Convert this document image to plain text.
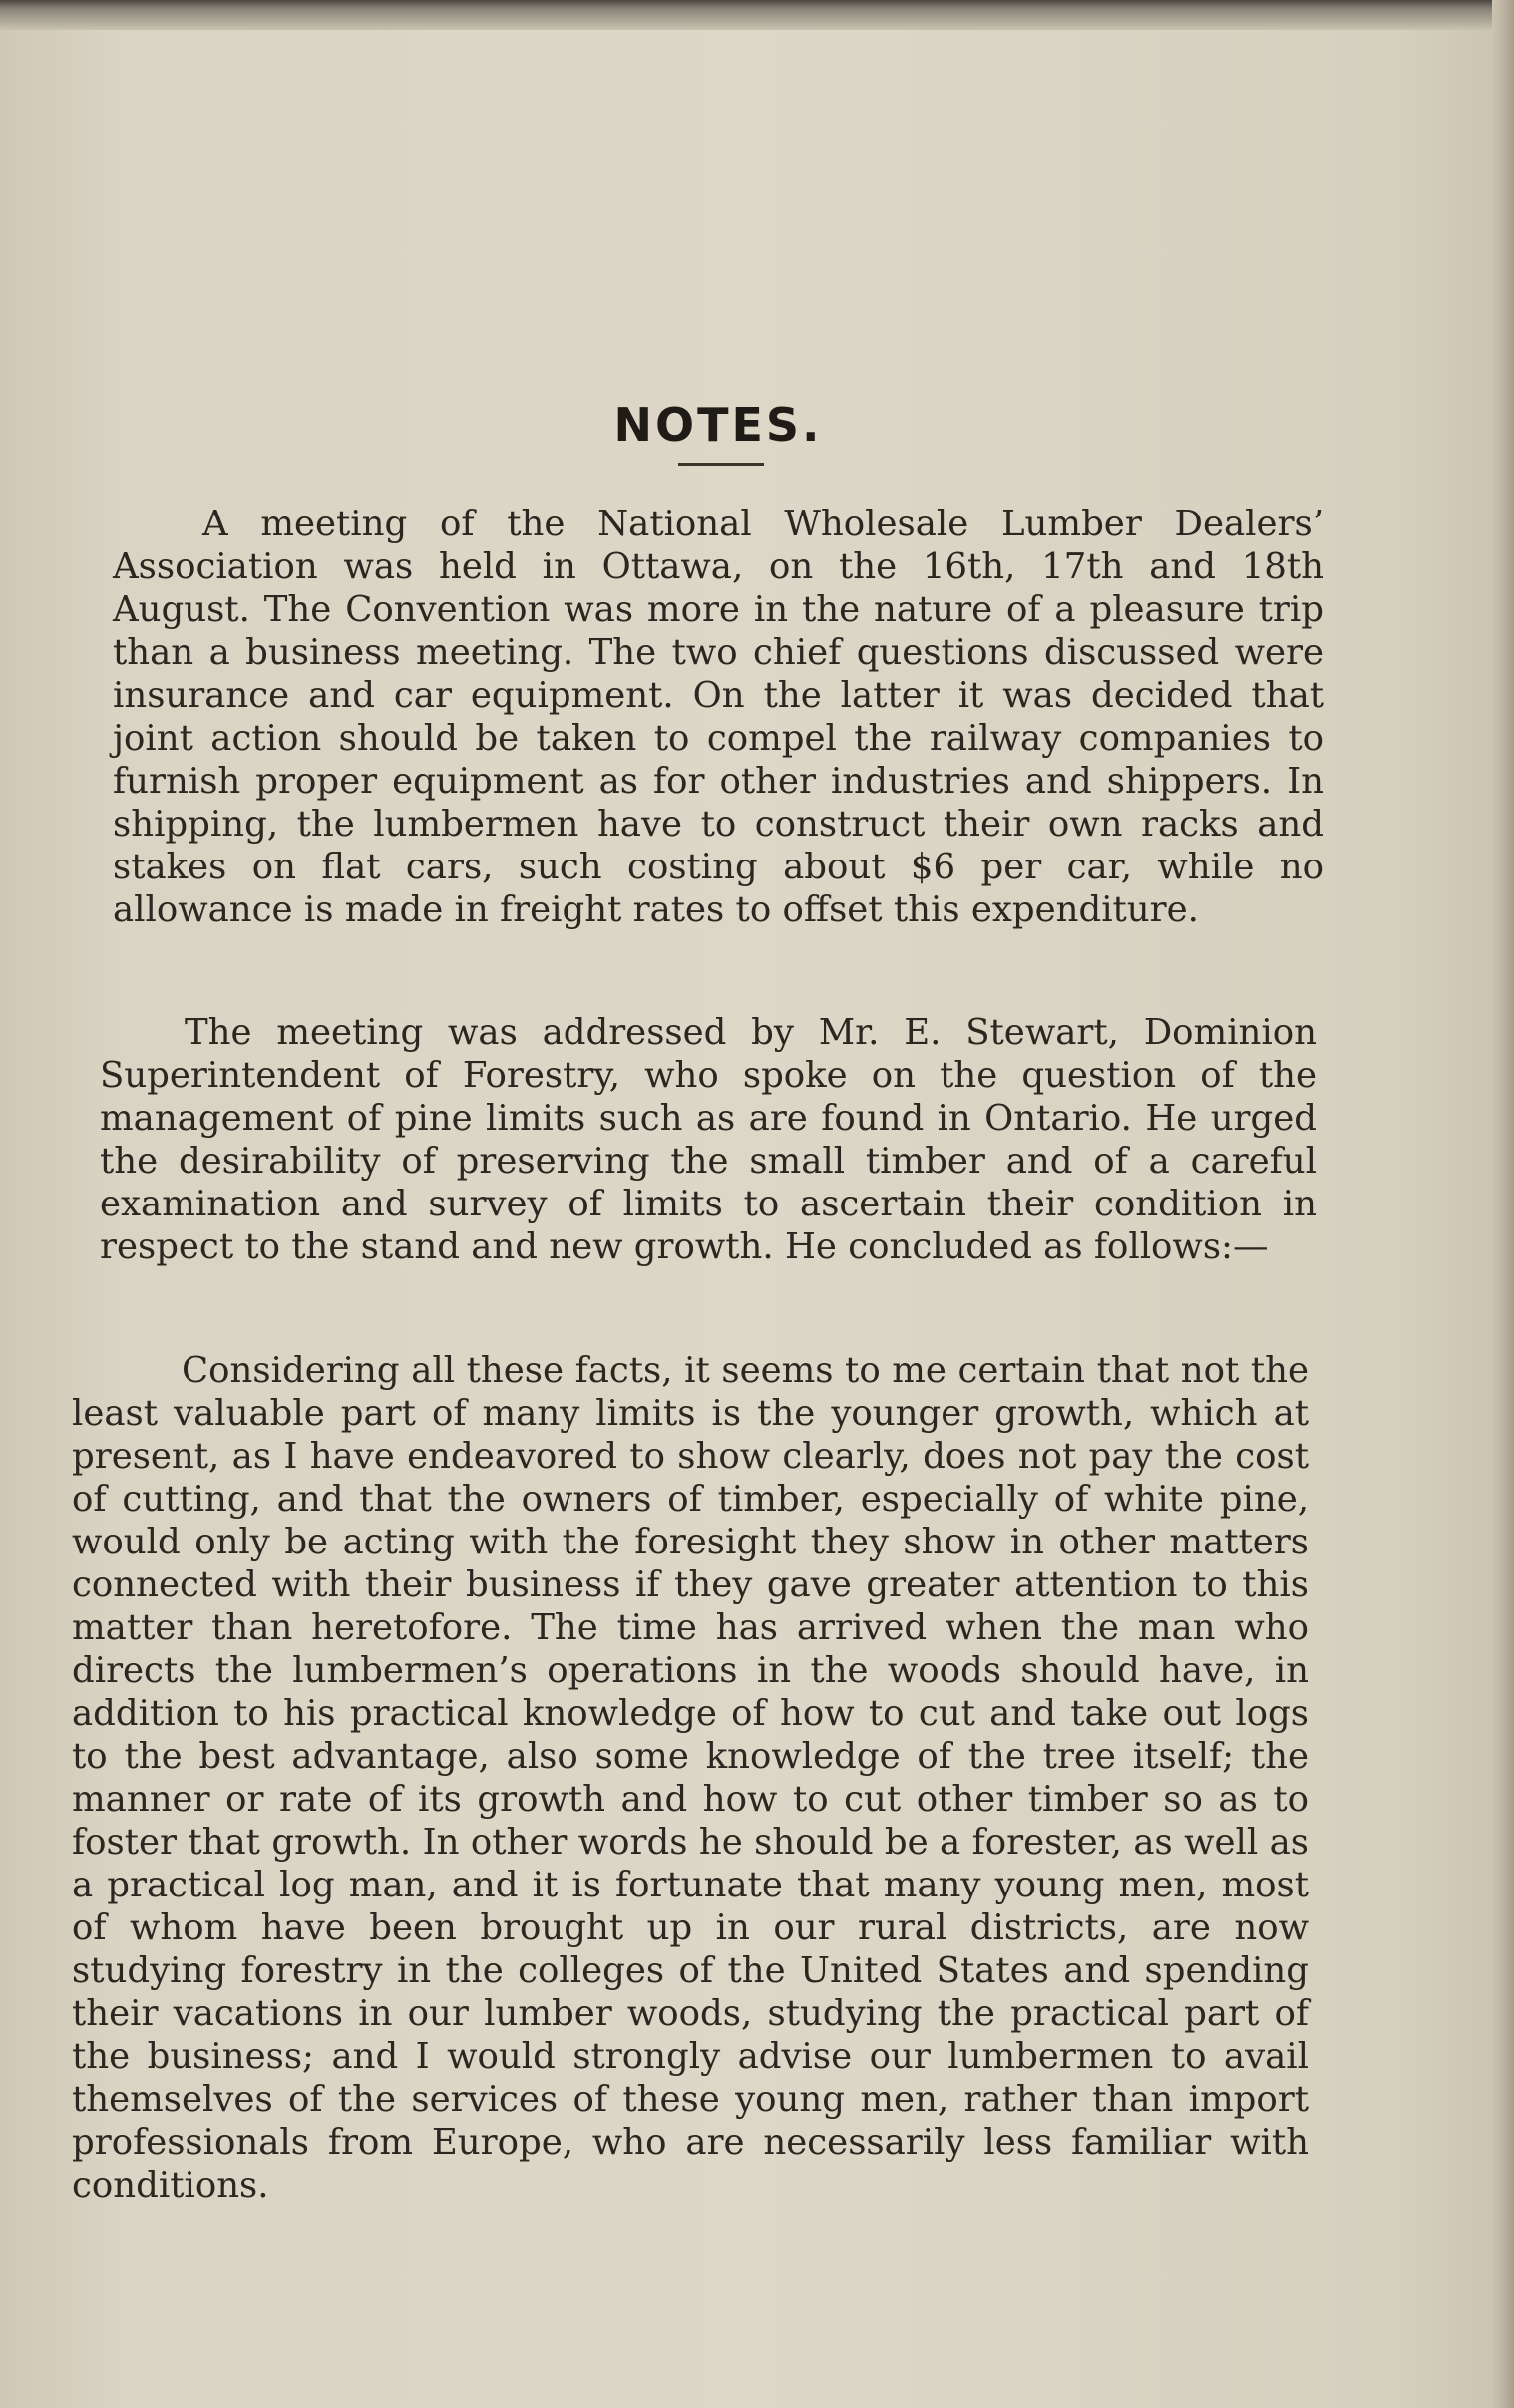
NOTES.

A meeting of the National Wholesale Lumber Dealers’ Association was held in Ottawa, on the 16th, 17th and 18th August. The Convention was more in the nature of a pleasure trip than a business meeting. The two chief questions discussed were insurance and car equipment. On the latter it was decided that joint action should be taken to compel the railway companies to furnish proper equipment as for other industries and shippers. In shipping, the lumbermen have to construct their own racks and stakes on flat cars, such costing about $6 per car, while no allowance is made in freight rates to offset this expenditure.

The meeting was addressed by Mr. E. Stewart, Dominion Superintendent of Forestry, who spoke on the question of the management of pine limits such as are found in Ontario. He urged the desirability of preserving the small timber and of a careful examination and survey of limits to ascertain their condition in respect to the stand and new growth. He concluded as follows:—

Considering all these facts, it seems to me certain that not the least valuable part of many limits is the younger growth, which at present, as I have endeavored to show clearly, does not pay the cost of cutting, and that the owners of timber, especially of white pine, would only be acting with the foresight they show in other matters connected with their business if they gave greater attention to this matter than heretofore. The time has arrived when the man who directs the lumbermen’s operations in the woods should have, in addition to his practical knowledge of how to cut and take out logs to the best advantage, also some knowledge of the tree itself; the manner or rate of its growth and how to cut other timber so as to foster that growth. In other words he should be a forester, as well as a practical log man, and it is fortunate that many young men, most of whom have been brought up in our rural districts, are now studying forestry in the colleges of the United States and spending their vacations in our lumber woods, studying the practical part of the business; and I would strongly advise our lumbermen to avail themselves of the services of these young men, rather than import professionals from Europe, who are necessarily less familiar with conditions.
